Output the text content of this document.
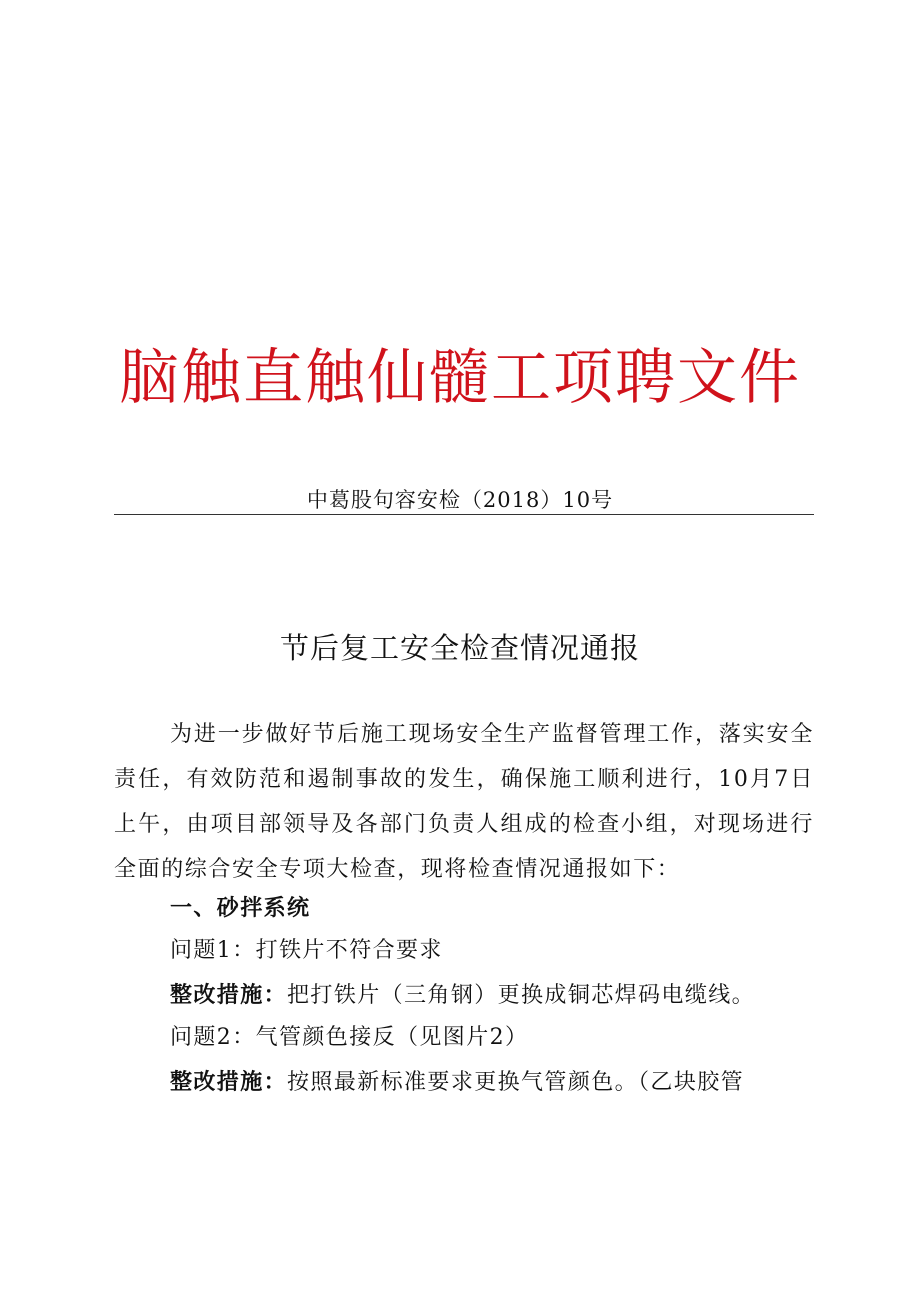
脑触直触仙髓工项聘文件
中葛股句容安检（2018）10号
节后复工安全检查情况通报
为进一步做好节后施工现场安全生产监督管理工作，落实安全责任，有效防范和遏制事故的发生，确保施工顺利进行，10月7日上午，由项目部领导及各部门负责人组成的检查小组，对现场进行全面的综合安全专项大检查，现将检查情况通报如下：
一、砂拌系统
问题1：打铁片不符合要求
整改措施：把打铁片（三角钢）更换成铜芯焊码电缆线。
问题2：气管颜色接反（见图片2）
整改措施：按照最新标准要求更换气管颜色。（乙块胶管
